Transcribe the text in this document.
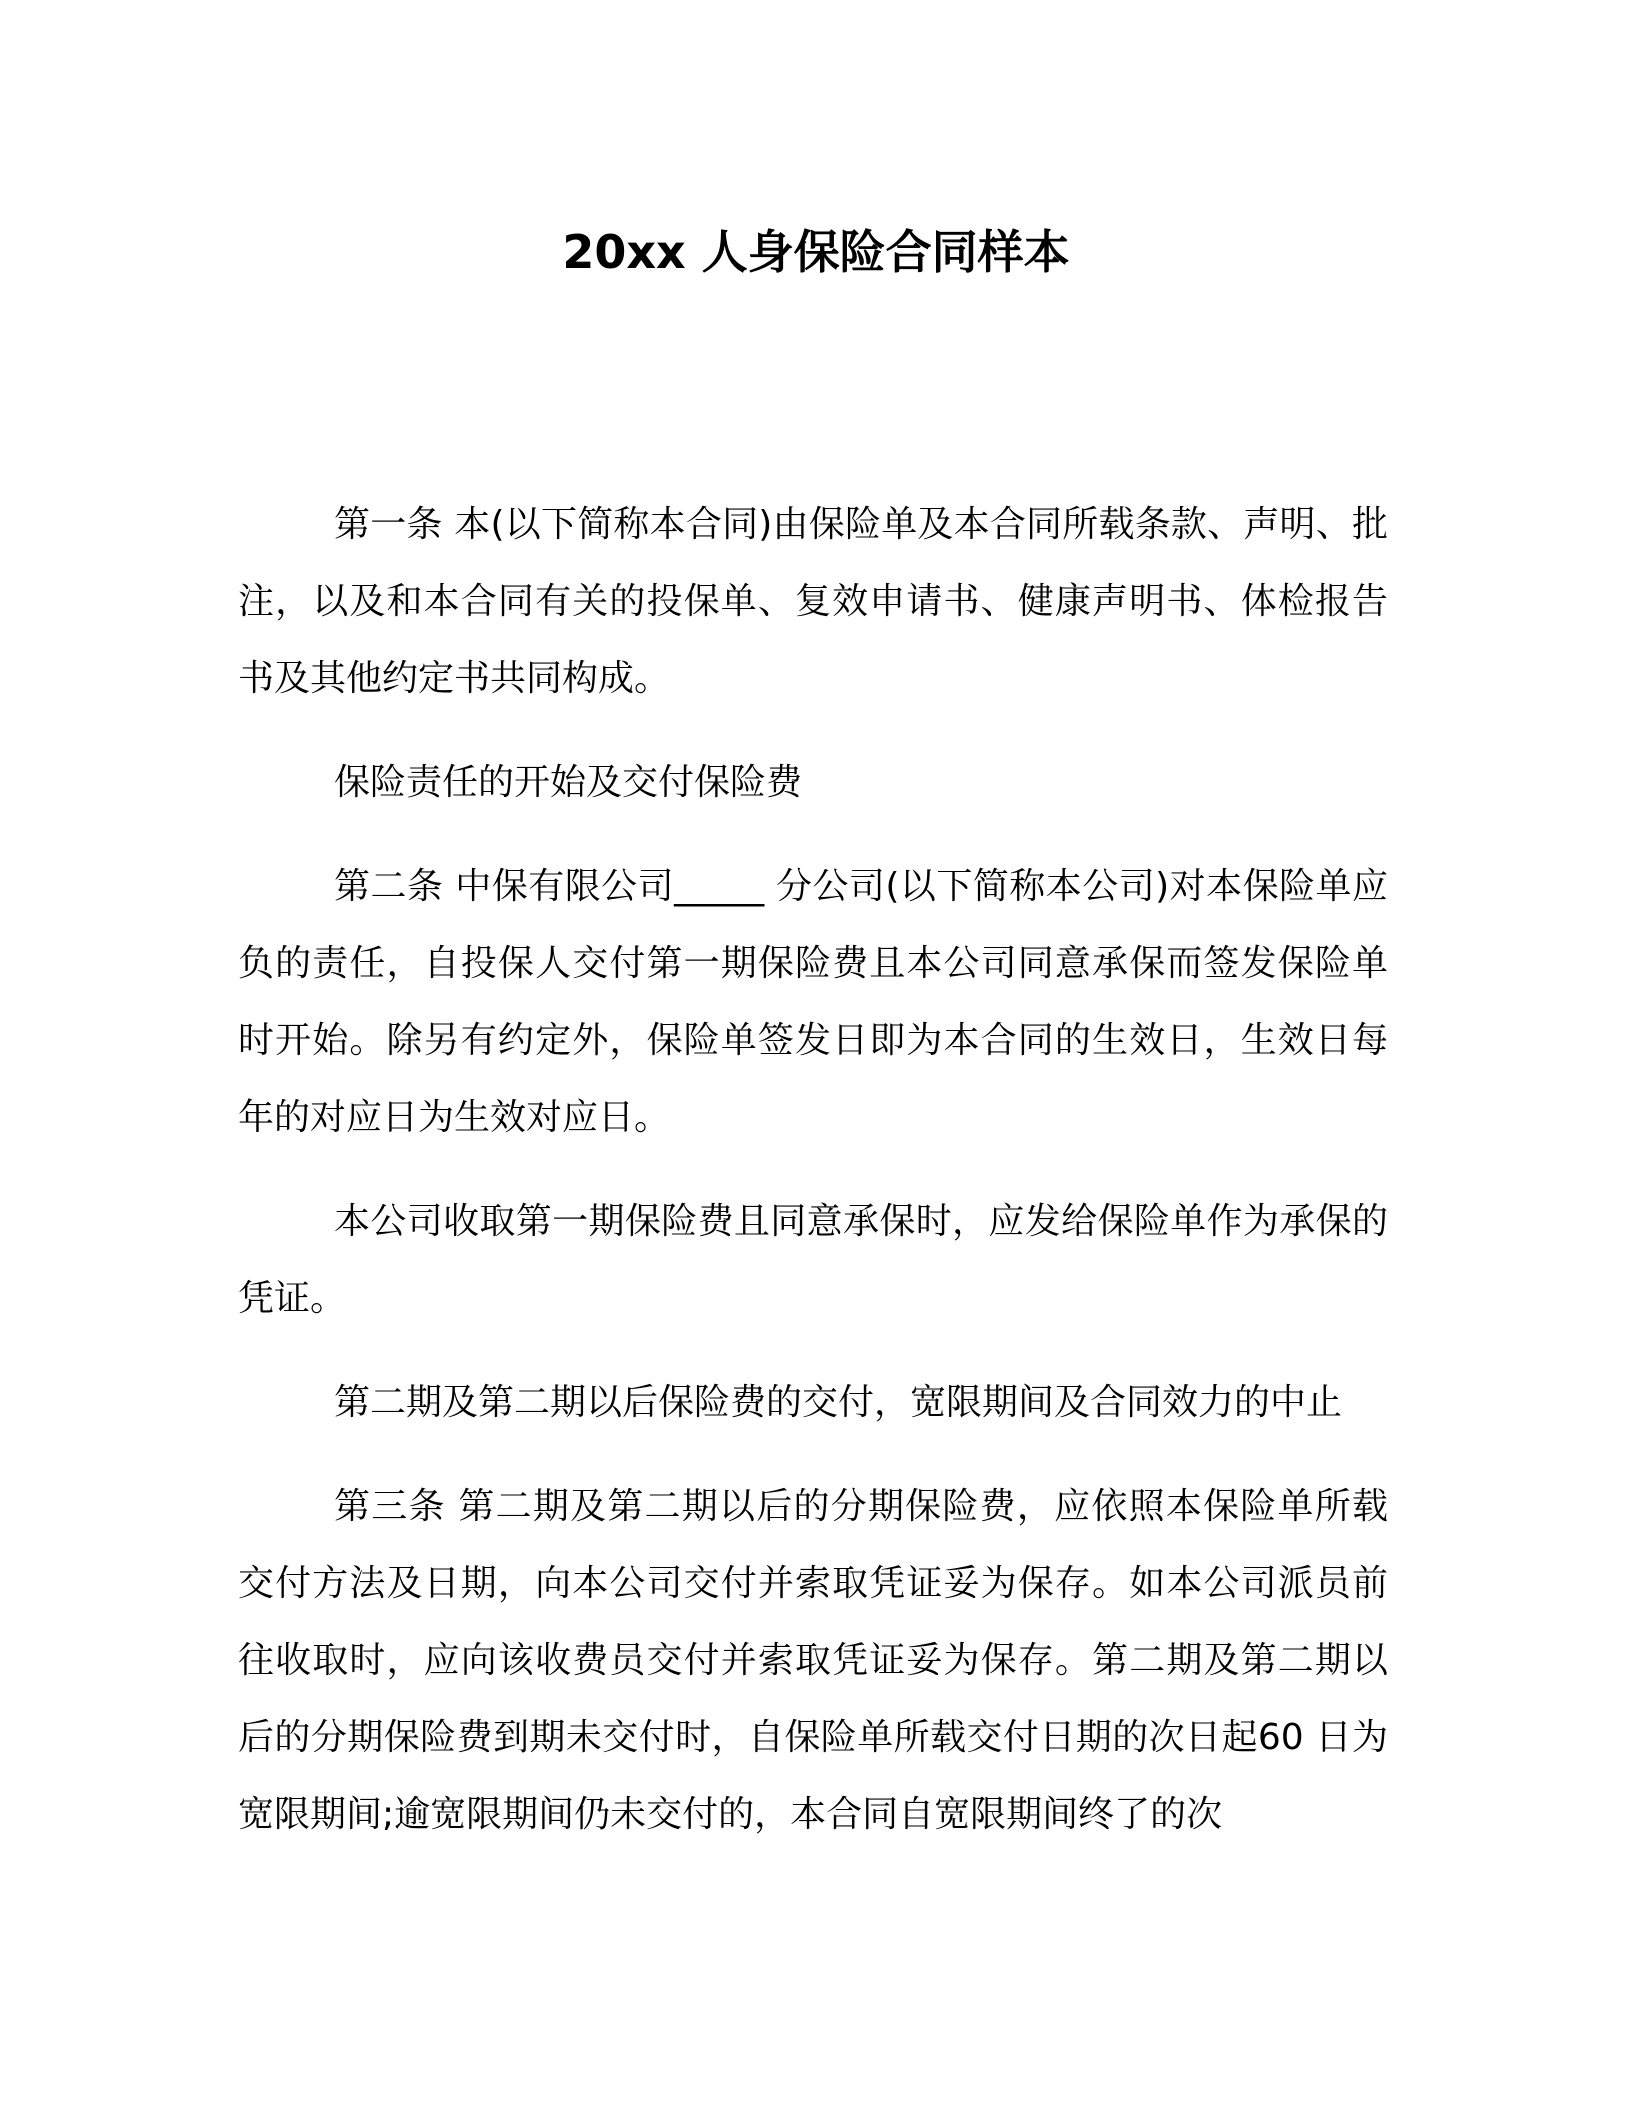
20xx 人身保险合同样本

第一条 本(以下简称本合同)由保险单及本合同所载条款、声明、批注，以及和本合同有关的投保单、复效申请书、健康声明书、体检报告书及其他约定书共同构成。

保险责任的开始及交付保险费

第二条 中保有限公司_____ 分公司(以下简称本公司)对本保险单应负的责任，自投保人交付第一期保险费且本公司同意承保而签发保险单时开始。除另有约定外，保险单签发日即为本合同的生效日，生效日每年的对应日为生效对应日。

本公司收取第一期保险费且同意承保时，应发给保险单作为承保的凭证。

第二期及第二期以后保险费的交付，宽限期间及合同效力的中止

第三条 第二期及第二期以后的分期保险费，应依照本保险单所载交付方法及日期，向本公司交付并索取凭证妥为保存。如本公司派员前往收取时，应向该收费员交付并索取凭证妥为保存。第二期及第二期以后的分期保险费到期未交付时，自保险单所载交付日期的次日起60 日为宽限期间;逾宽限期间仍未交付的，本合同自宽限期间终了的次
